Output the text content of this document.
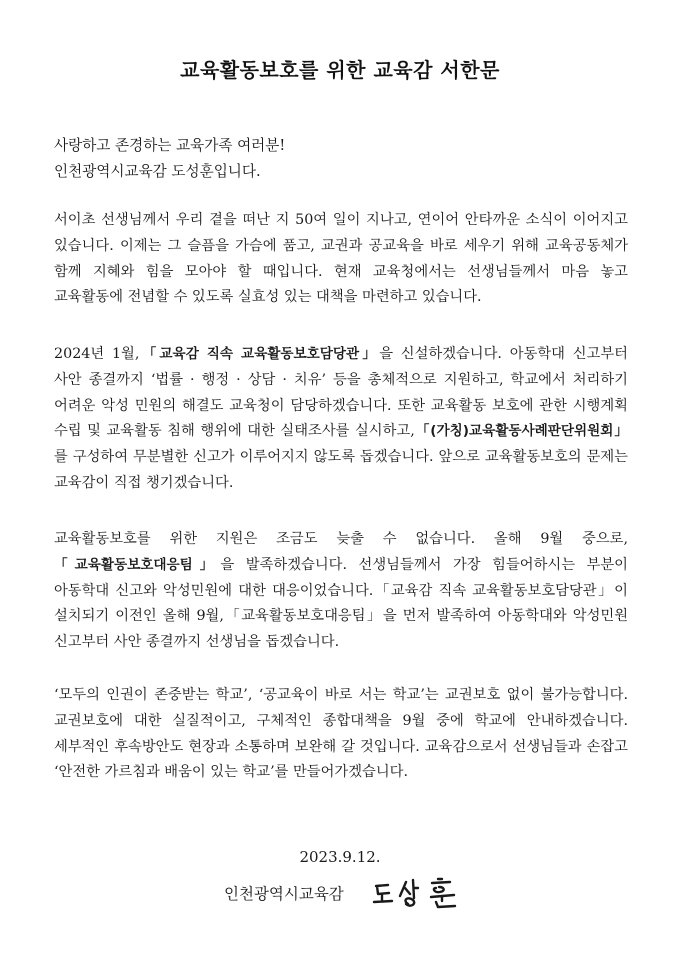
교육활동보호를 위한 교육감 서한문
사랑하고 존경하는 교육가족 여러분!
인천광역시교육감 도성훈입니다.
서이초 선생님께서 우리 곁을 떠난 지 50여 일이 지나고, 연이어 안타까운 소식이 이어지고 있습니다. 이제는 그 슬픔을 가슴에 품고, 교권과 공교육을 바로 세우기 위해 교육공동체가 함께 지혜와 힘을 모아야 할 때입니다. 현재 교육청에서는 선생님들께서 마음 놓고 교육활동에 전념할 수 있도록 실효성 있는 대책을 마련하고 있습니다.
2024년 1월,「교육감 직속 교육활동보호담당관」을 신설하겠습니다. 아동학대 신고부터 사안 종결까지 ‘법률 · 행정 · 상담 · 치유’ 등을 총체적으로 지원하고, 학교에서 처리하기 어려운 악성 민원의 해결도 교육청이 담당하겠습니다. 또한 교육활동 보호에 관한 시행계획 수립 및 교육활동 침해 행위에 대한 실태조사를 실시하고,「(가칭)교육활동사례판단위원회」를 구성하여 무분별한 신고가 이루어지지 않도록 돕겠습니다. 앞으로 교육활동보호의 문제는 교육감이 직접 챙기겠습니다.
교육활동보호를 위한 지원은 조금도 늦출 수 없습니다. 올해 9월 중으로,「교육활동보호대응팀」을 발족하겠습니다. 선생님들께서 가장 힘들어하시는 부분이 아동학대 신고와 악성민원에 대한 대응이었습니다.「교육감 직속 교육활동보호담당관」이 설치되기 이전인 올해 9월,「교육활동보호대응팀」을 먼저 발족하여 아동학대와 악성민원 신고부터 사안 종결까지 선생님을 돕겠습니다.
‘모두의 인권이 존중받는 학교’, ‘공교육이 바로 서는 학교’는 교권보호 없이 불가능합니다. 교권보호에 대한 실질적이고, 구체적인 종합대책을 9월 중에 학교에 안내하겠습니다. 세부적인 후속방안도 현장과 소통하며 보완해 갈 것입니다. 교육감으로서 선생님들과 손잡고 ‘안전한 가르침과 배움이 있는 학교’를 만들어가겠습니다.
2023.9.12.
인천광역시교육감
